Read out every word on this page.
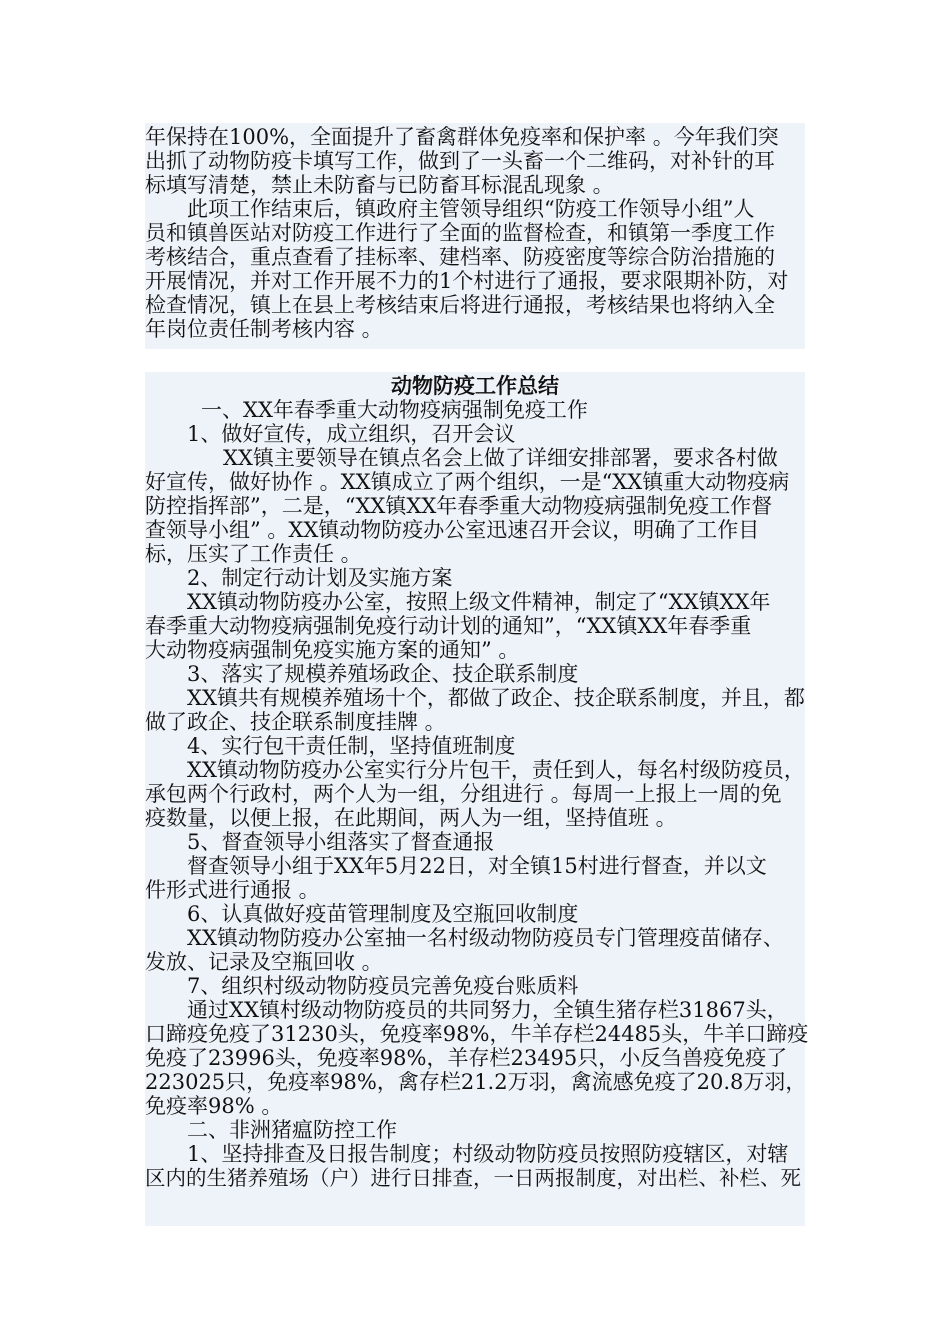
年保持在100%，全面提升了畜禽群体免疫率和保护率 。今年我们突
出抓了动物防疫卡填写工作，做到了一头畜一个二维码，对补针的耳
标填写清楚，禁止未防畜与已防畜耳标混乱现象 。
此项工作结束后，镇政府主管领导组织“防疫工作领导小组”人
员和镇兽医站对防疫工作进行了全面的监督检查，和镇第一季度工作
考核结合，重点查看了挂标率、建档率、防疫密度等综合防治措施的
开展情况，并对工作开展不力的1个村进行了通报，要求限期补防，对
检查情况，镇上在县上考核结束后将进行通报，考核结果也将纳入全
年岗位责任制考核内容 。
动物防疫工作总结
一、XX年春季重大动物疫病强制免疫工作
1、做好宣传，成立组织，召开会议
XX镇主要领导在镇点名会上做了详细安排部署，要求各村做
好宣传，做好协作 。XX镇成立了两个组织，一是“XX镇重大动物疫病
防控指挥部”，二是，“XX镇XX年春季重大动物疫病强制免疫工作督
查领导小组” 。XX镇动物防疫办公室迅速召开会议，明确了工作目
标，压实了工作责任 。
2、制定行动计划及实施方案
XX镇动物防疫办公室，按照上级文件精神，制定了“XX镇XX年
春季重大动物疫病强制免疫行动计划的通知”，“XX镇XX年春季重
大动物疫病强制免疫实施方案的通知” 。
3、落实了规模养殖场政企、技企联系制度
XX镇共有规模养殖场十个，都做了政企、技企联系制度，并且，都
做了政企、技企联系制度挂牌 。
4、实行包干责任制，坚持值班制度
XX镇动物防疫办公室实行分片包干，责任到人，每名村级防疫员，
承包两个行政村，两个人为一组，分组进行 。每周一上报上一周的免
疫数量，以便上报，在此期间，两人为一组，坚持值班 。
5、督查领导小组落实了督查通报
督查领导小组于XX年5月22日，对全镇15村进行督查，并以文
件形式进行通报 。
6、认真做好疫苗管理制度及空瓶回收制度
XX镇动物防疫办公室抽一名村级动物防疫员专门管理疫苗储存、
发放、记录及空瓶回收 。
7、组织村级动物防疫员完善免疫台账质料
通过XX镇村级动物防疫员的共同努力，全镇生猪存栏31867头，
口蹄疫免疫了31230头，免疫率98%，牛羊存栏24485头，牛羊口蹄疫
免疫了23996头，免疫率98%，羊存栏23495只，小反刍兽疫免疫了
223025只，免疫率98%，禽存栏21.2万羽，禽流感免疫了20.8万羽，
免疫率98% 。
二、非洲猪瘟防控工作
1、坚持排查及日报告制度；村级动物防疫员按照防疫辖区，对辖
区内的生猪养殖场（户）进行日排查，一日两报制度，对出栏、补栏、死
